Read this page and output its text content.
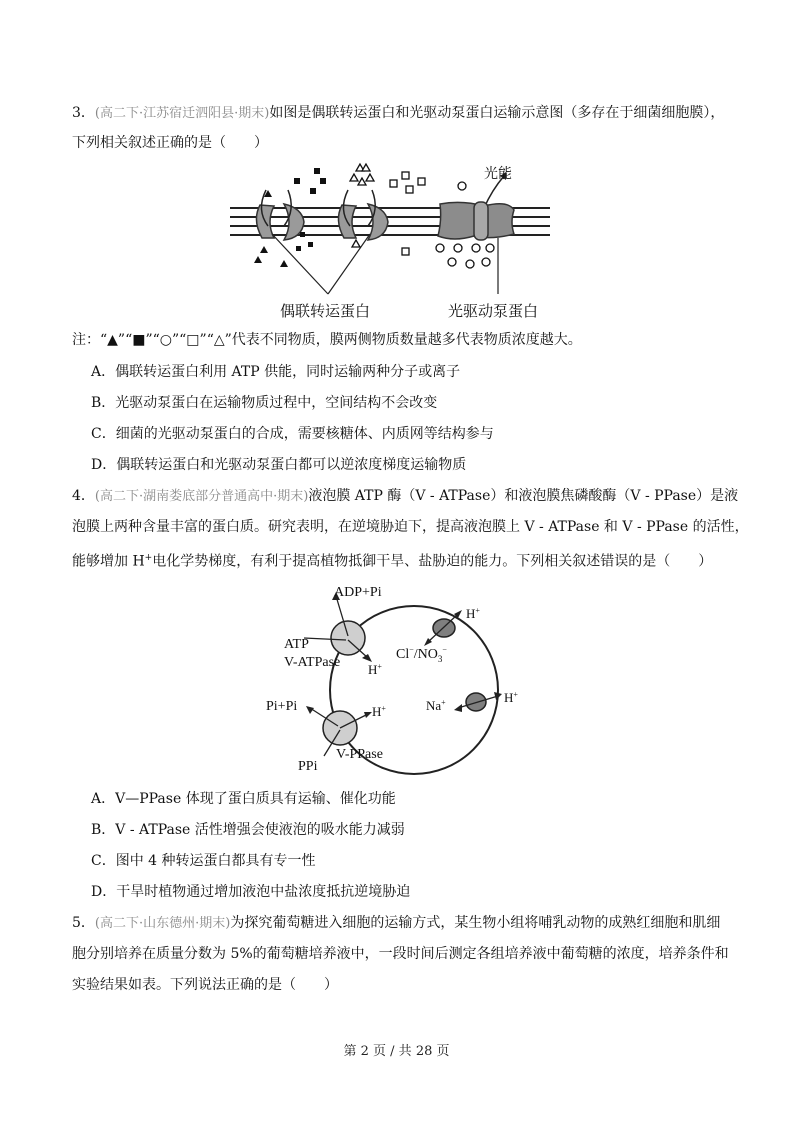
3．(高二下·江苏宿迁泗阳县·期末)如图是偶联转运蛋白和光驱动泵蛋白运输示意图（多存在于细菌细胞膜），
下列相关叙述正确的是（　　）
光能
偶联转运蛋白	光驱动泵蛋白
注：“▲”“■”“○”“□”“△”代表不同物质，膜两侧物质数量越多代表物质浓度越大。
A．偶联转运蛋白利用 ATP 供能，同时运输两种分子或离子
B．光驱动泵蛋白在运输物质过程中，空间结构不会改变
C．细菌的光驱动泵蛋白的合成，需要核糖体、内质网等结构参与
D．偶联转运蛋白和光驱动泵蛋白都可以逆浓度梯度运输物质
4．(高二下·湖南娄底部分普通高中·期末)液泡膜 ATP 酶（V - ATPase）和液泡膜焦磷酸酶（V - PPase）是液
泡膜上两种含量丰富的蛋白质。研究表明，在逆境胁迫下，提高液泡膜上 V - ATPase 和 V - PPase 的活性，
能够增加 H+电化学势梯度，有利于提高植物抵御干旱、盐胁迫的能力。下列相关叙述错误的是（　　）
ADP+Pi
ATP
V-ATPase H+
H+
$Cl^-/NO_3^-$
Na+	H+
Pi+Pi	H+
PPi
V-PPase
A．V—PPase 体现了蛋白质具有运输、催化功能
B．V - ATPase 活性增强会使液泡的吸水能力减弱
C．图中 4 种转运蛋白都具有专一性
D．干旱时植物通过增加液泡中盐浓度抵抗逆境胁迫
5．(高二下·山东德州·期末)为探究葡萄糖进入细胞的运输方式，某生物小组将哺乳动物的成熟红细胞和肌细
胞分别培养在质量分数为 5%的葡萄糖培养液中，一段时间后测定各组培养液中葡萄糖的浓度，培养条件和
实验结果如表。下列说法正确的是（　　）
第 2 页 / 共 28 页
